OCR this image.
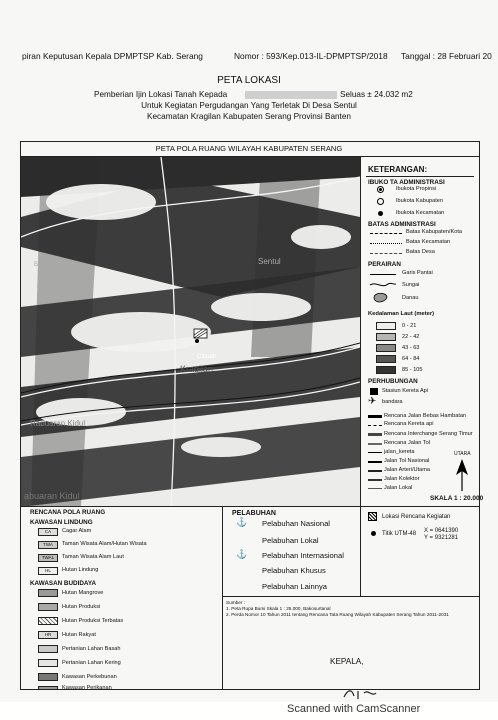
piran Keputusan Kepala DPMPTSP Kab. Serang	Nomor : 593/Kep.013-IL-DPMPTSP/2018 Tanggal : 28 Februari 20
PETA LOKASI
Pemberian Ijin Lokasi Tanah Kepada	Seluas ± 24.032 m2
Untuk Kegiatan Pergudangan Yang Terletak Di Desa Sentul
Kecamatan Kragilan Kabupaten Serang Provinsi Banten
PETA POLA RUANG WILAYAH KABUPATEN SERANG
Sentul
Kragilan
Cibuah
Rabuaran Kidul
Binaruh
abuaran Kidul
KETERANGAN:
IBUKO TA ADMINISTRASI
Ibukota Propinsi
Ibukota Kabupaten
Ibukota Kecamatan
BATAS ADMINISTRASI
Batas Kabupaten/Kota
Batas Kecamatan
Batas Desa
PERAIRAN
Garis Pantai
Sungai
Danau
Kedalaman Laut (meter)
0 - 21
22 - 42
43 - 63
64 - 84
85 - 105
PERHUBUNGAN
Stasiun Kereta Api
✈ bandara
Rencana Jalan Bebas Hambatan
Rencana Kereta api
Rencana Interchange Serang Timur
Rencana Jalan Tol
jalan_kereta
Jalan Tol Nasional
Jalan Arteri/Utama
Jalan Kolektor
Jalan Lokal
UTARA
SKALA 1 : 20.000
RENCANA POLA RUANG
KAWASAN LINDUNG
CA	Cagar Alam
TWA	Taman Wisata Alam/Hutan Wisata
TWAL	Taman Wisata Alam Laut
HL	Hutan Lindung
KAWASAN BUDIDAYA
Hutan Mangrove
Hutan Produksi
Hutan Produksi Terbatas
HR	Hutan Rakyat
Pertanian Lahan Basah
Pertanian Lahan Kering
Kawasan Perkebunan
Kawasan Perikanan
PELABUHAN
⚓ Pelabuhan Nasional
Pelabuhan Lokal
⚓ Pelabuhan Internasional
Pelabuhan Khusus
Pelabuhan Lainnya
Lokasi Rencana Kegiatan
Titik UTM-48 X = 0641390
Y = 9321281
Sumber :
1. Peta Rupa Bumi Skala 1 : 25.000, Bakosurtanal
2. Perda Nomor 10 Tahun 2011 tentang Rencana Tata Ruang Wilayah Kabupaten Serang Tahun 2011-2031
KEPALA,
Scanned with CamScanner
